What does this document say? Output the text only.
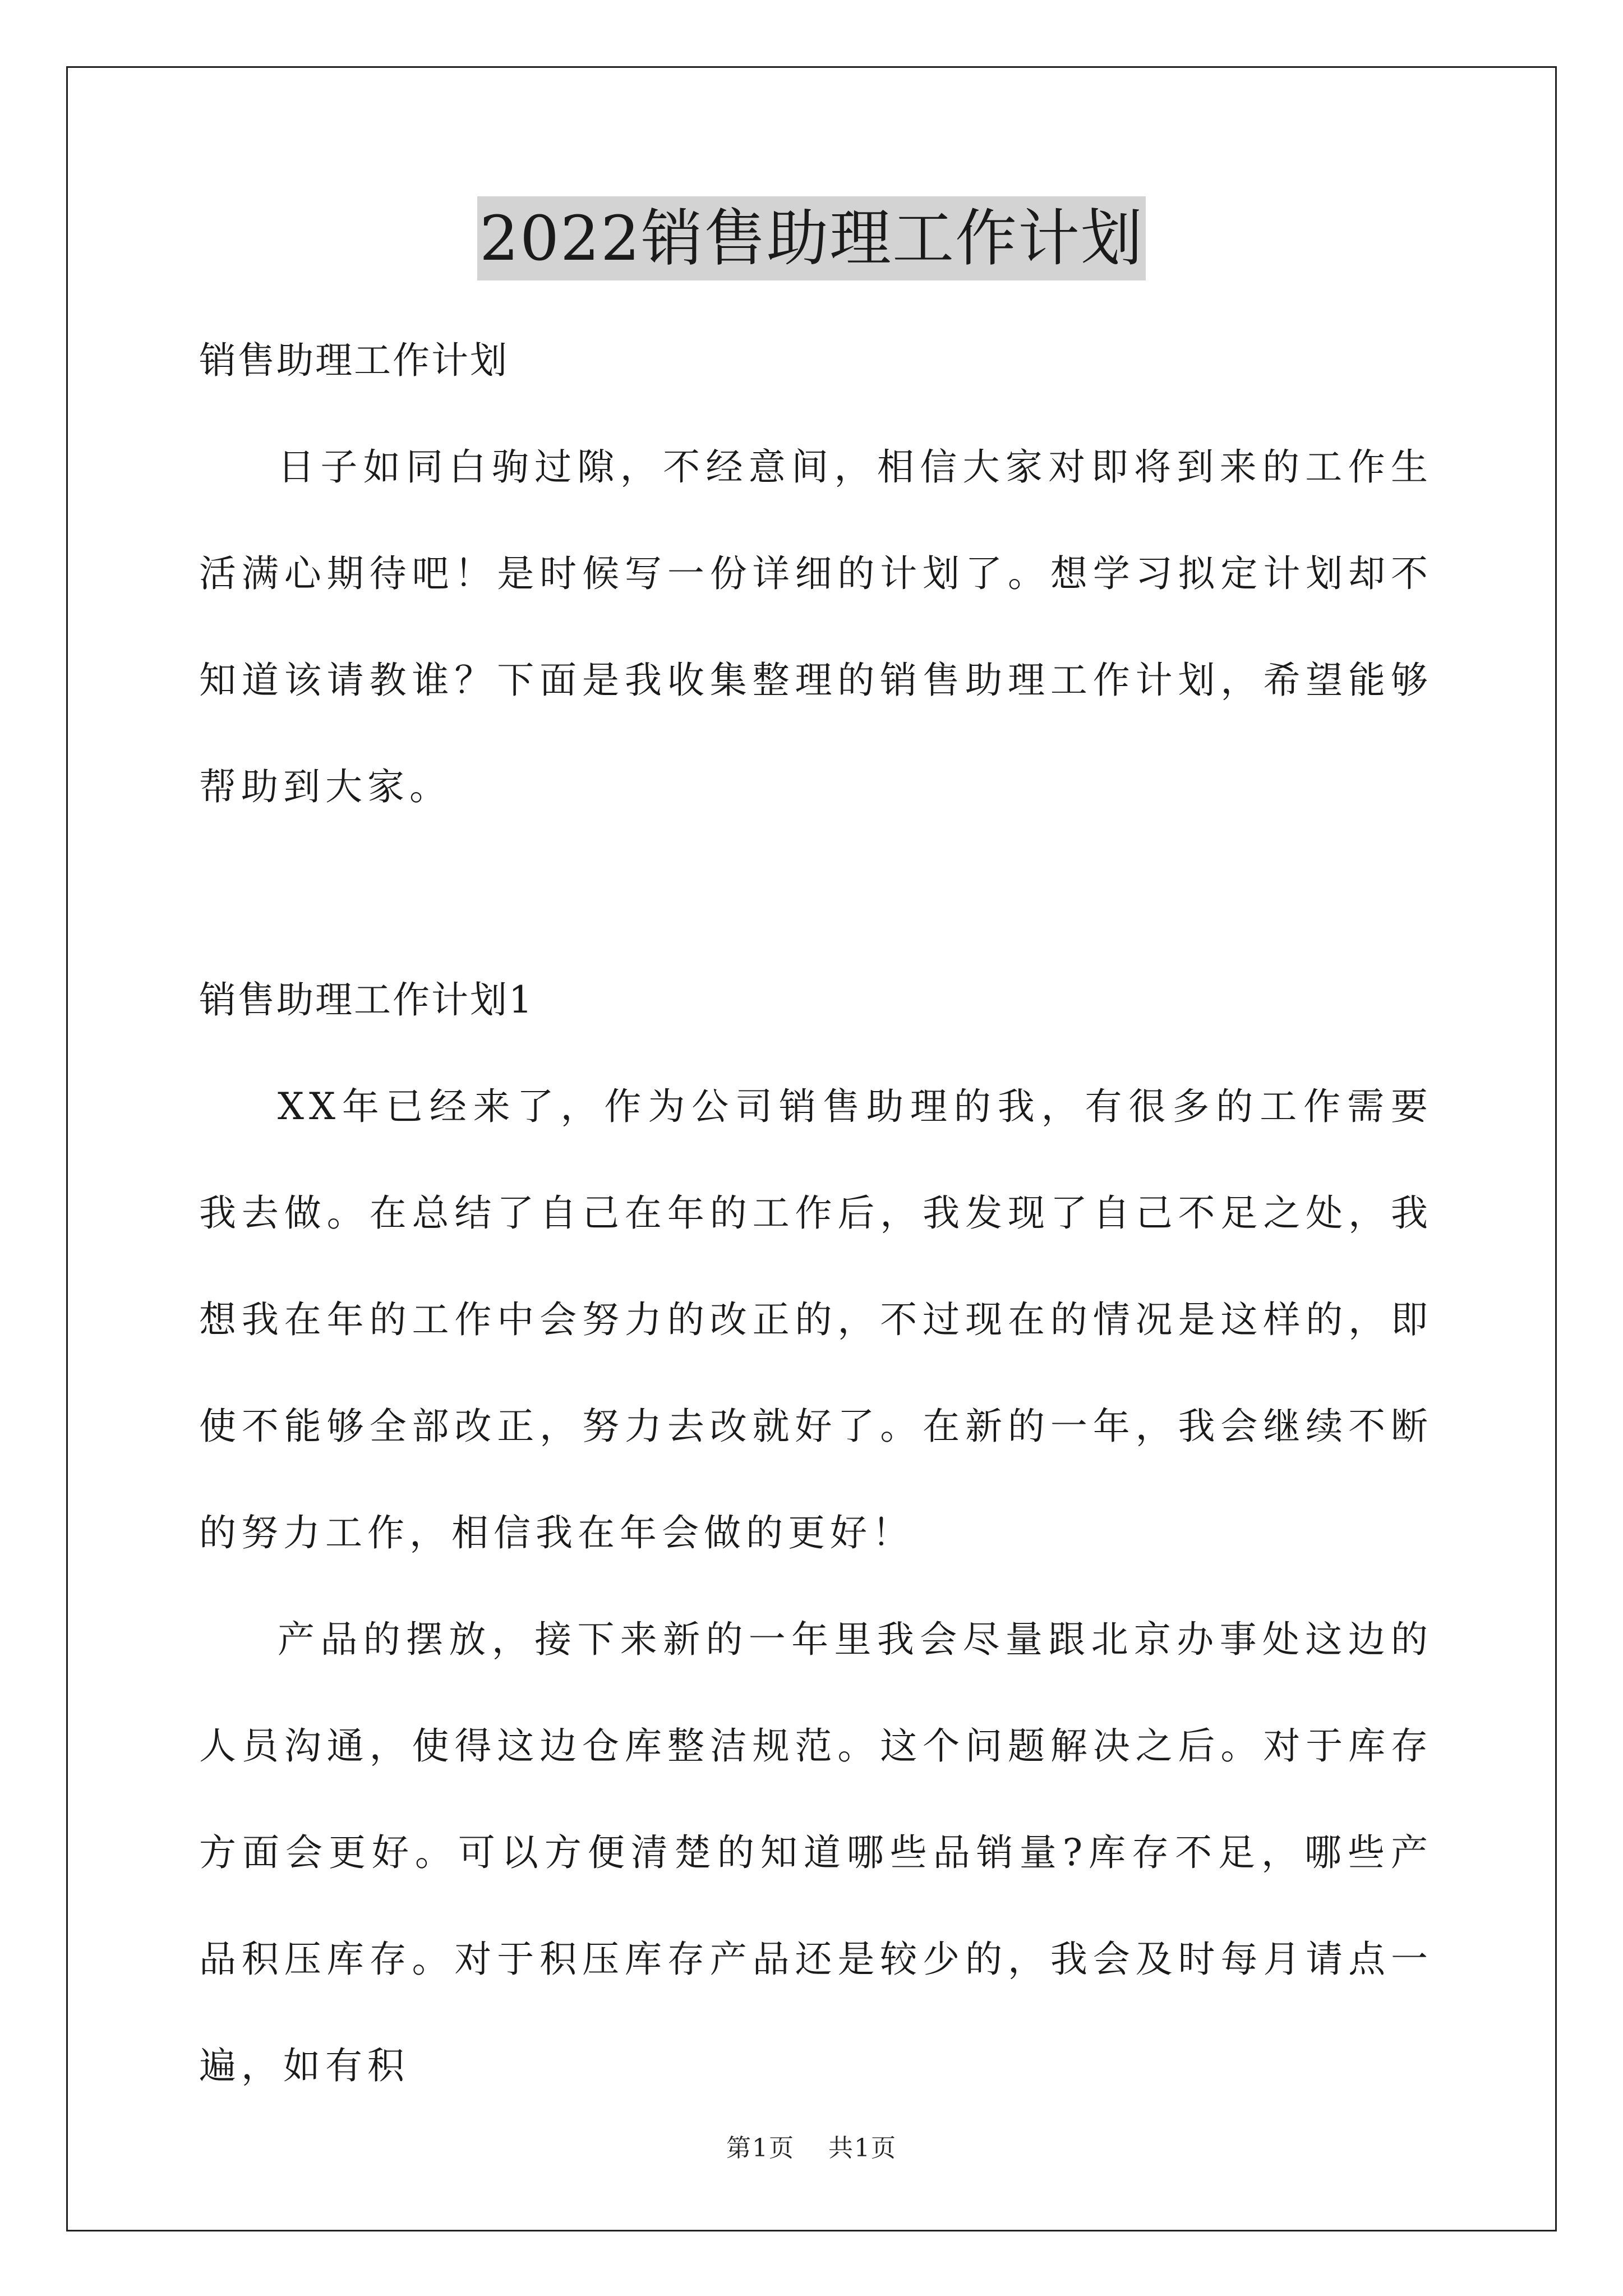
2022销售助理工作计划

销售助理工作计划

日子如同白驹过隙，不经意间，相信大家对即将到来的工作生活满心期待吧！是时候写一份详细的计划了。想学习拟定计划却不知道该请教谁？下面是我收集整理的销售助理工作计划，希望能够帮助到大家。

销售助理工作计划1

XX年已经来了，作为公司销售助理的我，有很多的工作需要我去做。在总结了自己在年的工作后，我发现了自己不足之处，我想我在年的工作中会努力的改正的，不过现在的情况是这样的，即使不能够全部改正，努力去改就好了。在新的一年，我会继续不断的努力工作，相信我在年会做的更好！

产品的摆放，接下来新的一年里我会尽量跟北京办事处这边的人员沟通，使得这边仓库整洁规范。这个问题解决之后。对于库存方面会更好。可以方便清楚的知道哪些品销量?库存不足，哪些产品积压库存。对于积压库存产品还是较少的，我会及时每月请点一遍，如有积

第1页 共1页
